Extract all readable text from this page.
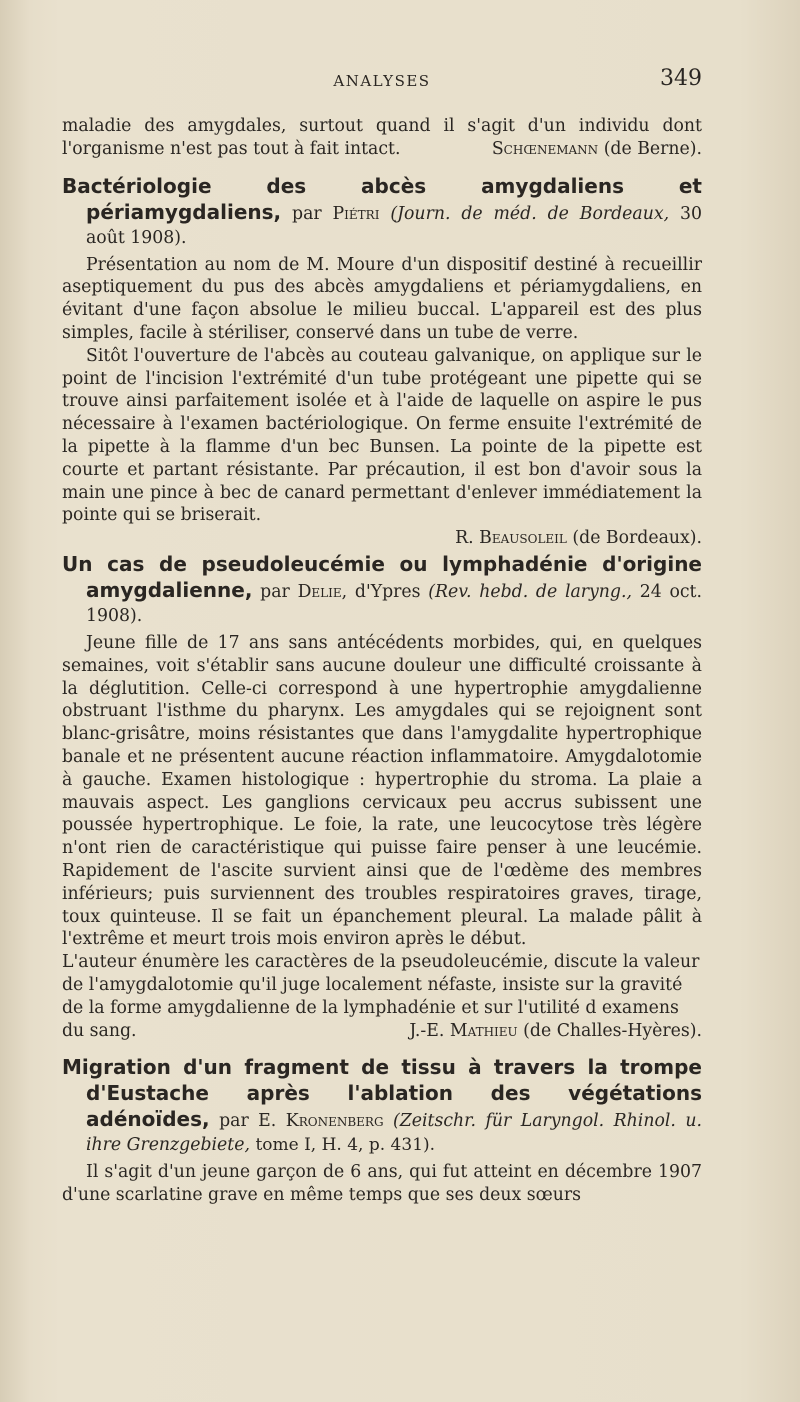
ANALYSES	349

maladie des amygdales, surtout quand il s'agit d'un individu dont l'organisme n'est pas tout à fait intact.	Schœnemann (de Berne).

Bactériologie des abcès amygdaliens et périamygdaliens, par Piétri (Journ. de méd. de Bordeaux, 30 août 1908).

Présentation au nom de M. Moure d'un dispositif destiné à recueillir aseptiquement du pus des abcès amygdaliens et périamygdaliens, en évitant d'une façon absolue le milieu buccal. L'appareil est des plus simples, facile à stériliser, conservé dans un tube de verre.

Sitôt l'ouverture de l'abcès au couteau galvanique, on applique sur le point de l'incision l'extrémité d'un tube protégeant une pipette qui se trouve ainsi parfaitement isolée et à l'aide de laquelle on aspire le pus nécessaire à l'examen bactériologique. On ferme ensuite l'extrémité de la pipette à la flamme d'un bec Bunsen. La pointe de la pipette est courte et partant résistante. Par précaution, il est bon d'avoir sous la main une pince à bec de canard permettant d'enlever immédiatement la pointe qui se briserait.

R. Beausoleil (de Bordeaux).

Un cas de pseudoleucémie ou lymphadénie d'origine amygdalienne, par Delie, d'Ypres (Rev. hebd. de laryng., 24 oct. 1908).

Jeune fille de 17 ans sans antécédents morbides, qui, en quelques semaines, voit s'établir sans aucune douleur une difficulté croissante à la déglutition. Celle-ci correspond à une hypertrophie amygdalienne obstruant l'isthme du pharynx. Les amygdales qui se rejoignent sont blanc-grisâtre, moins résistantes que dans l'amygdalite hypertrophique banale et ne présentent aucune réaction inflammatoire. Amygdalotomie à gauche. Examen histologique : hypertrophie du stroma. La plaie a mauvais aspect. Les ganglions cervicaux peu accrus subissent une poussée hypertrophique. Le foie, la rate, une leucocytose très légère n'ont rien de caractéristique qui puisse faire penser à une leucémie. Rapidement de l'ascite survient ainsi que de l'œdème des membres inférieurs; puis surviennent des troubles respiratoires graves, tirage, toux quinteuse. Il se fait un épanchement pleural. La malade pâlit à l'extrême et meurt trois mois environ après le début.

L'auteur énumère les caractères de la pseudoleucémie, discute la valeur de l'amygdalotomie qu'il juge localement néfaste, insiste sur la gravité de la forme amygdalienne de la lymphadénie et sur l'utilité d examens du sang.	J.-E. Mathieu (de Challes-Hyères).

Migration d'un fragment de tissu à travers la trompe d'Eustache après l'ablation des végétations adénoïdes, par E. Kronenberg (Zeitschr. für Laryngol. Rhinol. u. ihre Grenzgebiete, tome I, H. 4, p. 431).

Il s'agit d'un jeune garçon de 6 ans, qui fut atteint en décembre 1907 d'une scarlatine grave en même temps que ses deux sœurs
